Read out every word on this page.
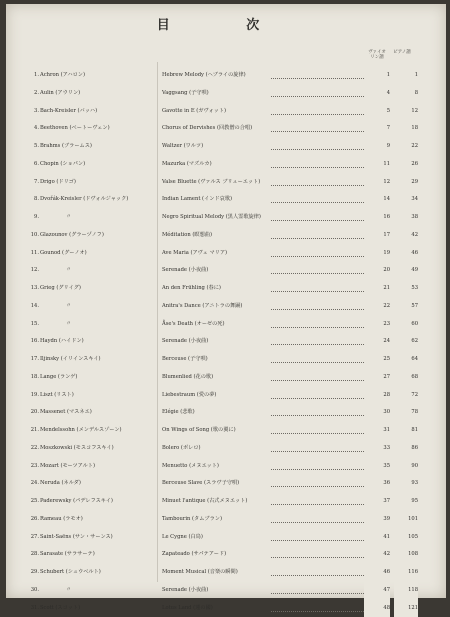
目 次
ヴァイオリン譜
ピアノ譜
1. Achron (アハロン)	Hebrew Melody (ヘブライの旋律)	1	1
2. Aulin (アウリン)	Vaggsang (子守唄)	4	8
3. Bach-Kreisler (バッハ)	Gavotte in E (ガヴォット)	5	12
4. Beethoven (ベートーヴェン)	Chorus of Dervishes (回教僧の合唱)	7	18
5. Brahms (ブラームス)	Waltzer (ワルツ)	9	22
6. Chopin (ショパン)	Mazurka (マズルカ)	11	26
7. Drigo (ドリゴ)	Valse Bluette (ヴァルス ブリューエット)	12	29
8. Dvořák-Kreisler (ドヴォルジャック)	Indian Lament (インド哀歌)	14	34
9.	〃	Negro Spiritual Melody (黒人霊歌旋律)	16	38
10. Glazounov (グラーヅノフ)	Méditation (瞑想曲)	17	42
11. Gounod (グーノオ)	Ave Maria (アヴェ マリア)	19	46
12.	〃	Serenade (小夜曲)	20	49
13. Grieg (グリイグ)	An den Frühling (春に)	21	53
14.	〃	Anitra's Dance (アニトラの舞踊)	22	57
15.	〃	Åse's Death (オーゼの死)	23	60
16. Haydn (ハイドン)	Serenade (小夜曲)	24	62
17. Iljinsky (イリインスキイ)	Berceuse (子守唄)	25	64
18. Lange (ランゲ)	Blumenlied (花の歌)	27	68
19. Liszt (リスト)	Liebestraum (愛の夢)	28	72
20. Massenet (マスネエ)	Elégie (悲歌)	30	78
21. Mendelssohn (メンデルスゾーン)	On Wings of Song (歌の翼に)	31	81
22. Moszkowski (モスコフスキイ)	Bolero (ボレロ)	33	86
23. Mozart (モーツアルト)	Menuetto (メヌエット)	35	90
24. Neruda (ネルダ)	Berceuse Slave (スラヴ子守唄)	36	93
25. Paderewsky (パデレフスキイ)	Minuet l'antique (古式メヌエット)	37	95
26. Rameau (ラモオ)	Tambourin (タムブラン)	39	101
27. Saint-Saëns (サン・サーンス)	Le Cygne (白鳥)	41	105
28. Sarasate (サラサーテ)	Zapateado (サパテアード)	42	108
29. Schubert (シュウベルト)	Moment Musical (音楽の瞬間)	46	116
30.	〃	Serenade (小夜曲)	47	118
31. Scott (スコット)	Lotus Land (蓮の國)	48	121
